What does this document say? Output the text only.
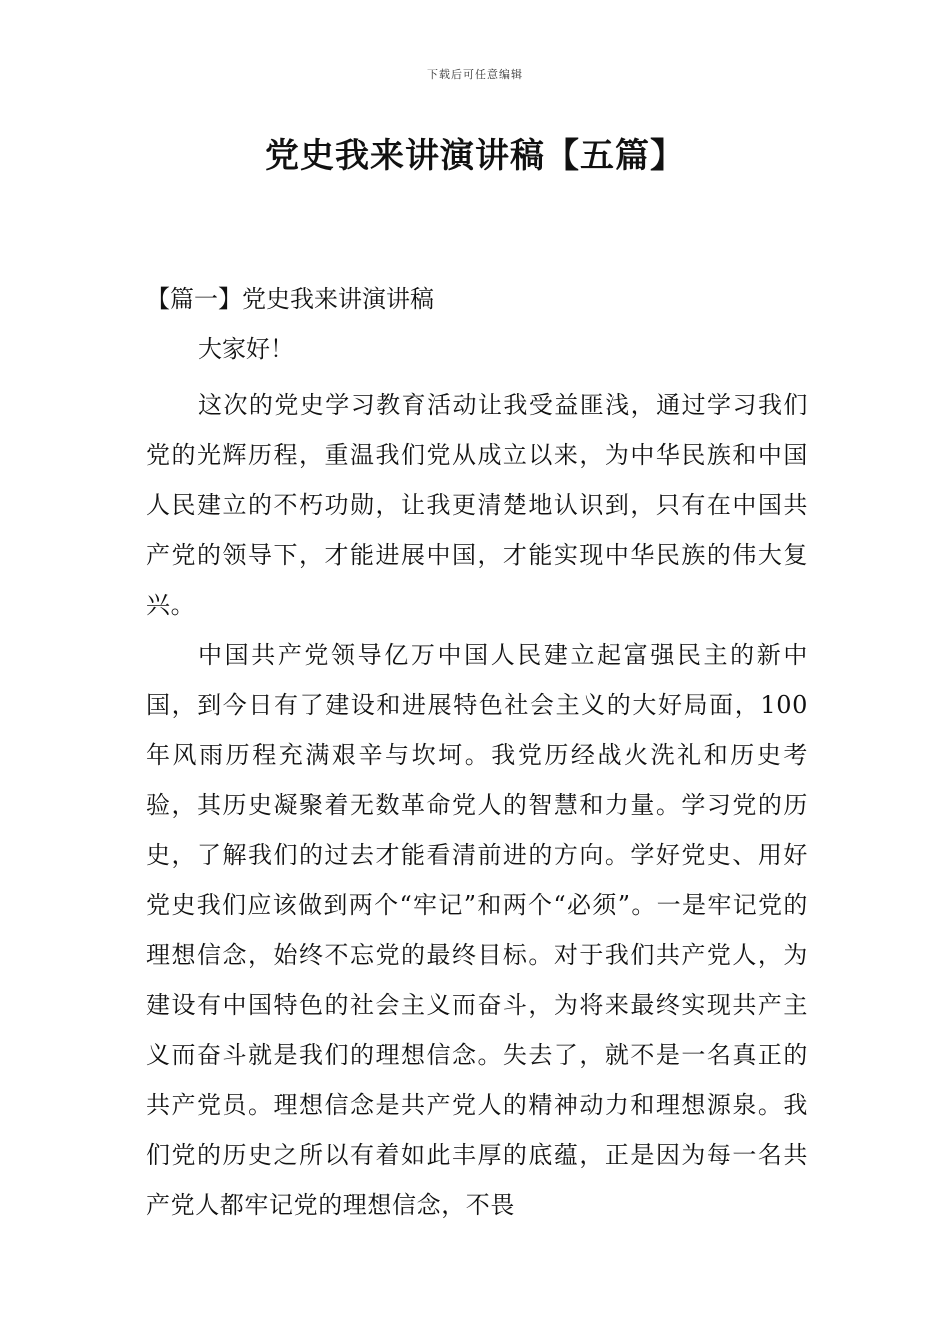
下载后可任意编辑
党史我来讲演讲稿【五篇】
【篇一】党史我来讲演讲稿
大家好！

这次的党史学习教育活动让我受益匪浅，通过学习我们党的光辉历程，重温我们党从成立以来，为中华民族和中国人民建立的不朽功勋，让我更清楚地认识到，只有在中国共产党的领导下，才能进展中国，才能实现中华民族的伟大复兴。

中国共产党领导亿万中国人民建立起富强民主的新中国，到今日有了建设和进展特色社会主义的大好局面，100年风雨历程充满艰辛与坎坷。我党历经战火洗礼和历史考验，其历史凝聚着无数革命党人的智慧和力量。学习党的历史，了解我们的过去才能看清前进的方向。学好党史、用好党史我们应该做到两个“牢记”和两个“必须”。一是牢记党的理想信念，始终不忘党的最终目标。对于我们共产党人，为建设有中国特色的社会主义而奋斗，为将来最终实现共产主义而奋斗就是我们的理想信念。失去了，就不是一名真正的共产党员。理想信念是共产党人的精神动力和理想源泉。我们党的历史之所以有着如此丰厚的底蕴，正是因为每一名共产党人都牢记党的理想信念，不畏
